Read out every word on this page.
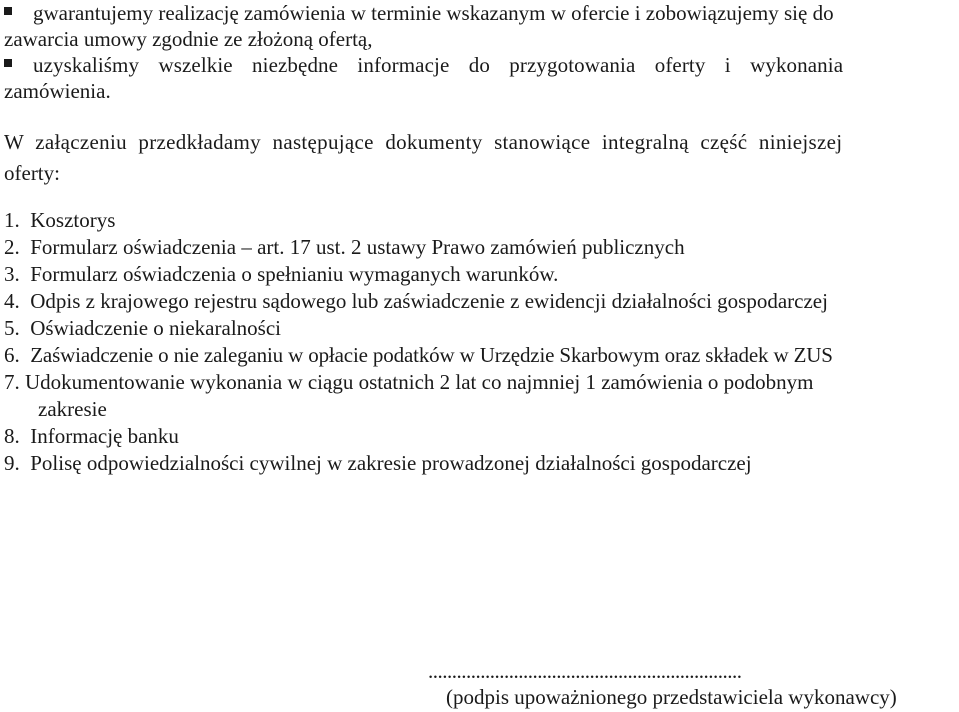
gwarantujemy realizację zamówienia w terminie wskazanym w ofercie i zobowiązujemy się do
zawarcia umowy zgodnie ze złożoną ofertą,
uzyskaliśmy wszelkie niezbędne informacje do przygotowania oferty i wykonania
zamówienia.
W załączeniu przedkładamy następujące dokumenty stanowiące integralną część niniejszej
oferty:
1. Kosztorys
2. Formularz oświadczenia – art. 17 ust. 2 ustawy Prawo zamówień publicznych
3. Formularz oświadczenia o spełnianiu wymaganych warunków.
4. Odpis z krajowego rejestru sądowego lub zaświadczenie z ewidencji działalności gospodarczej
5. Oświadczenie o niekaralności
6. Zaświadczenie o nie zaleganiu w opłacie podatków w Urzędzie Skarbowym oraz składek w ZUS
7. Udokumentowanie wykonania w ciągu ostatnich 2 lat co najmniej 1 zamówienia o podobnym
zakresie
8. Informację banku
9. Polisę odpowiedzialności cywilnej w zakresie prowadzonej działalności gospodarczej
..................................................................
(podpis upoważnionego przedstawiciela wykonawcy)
